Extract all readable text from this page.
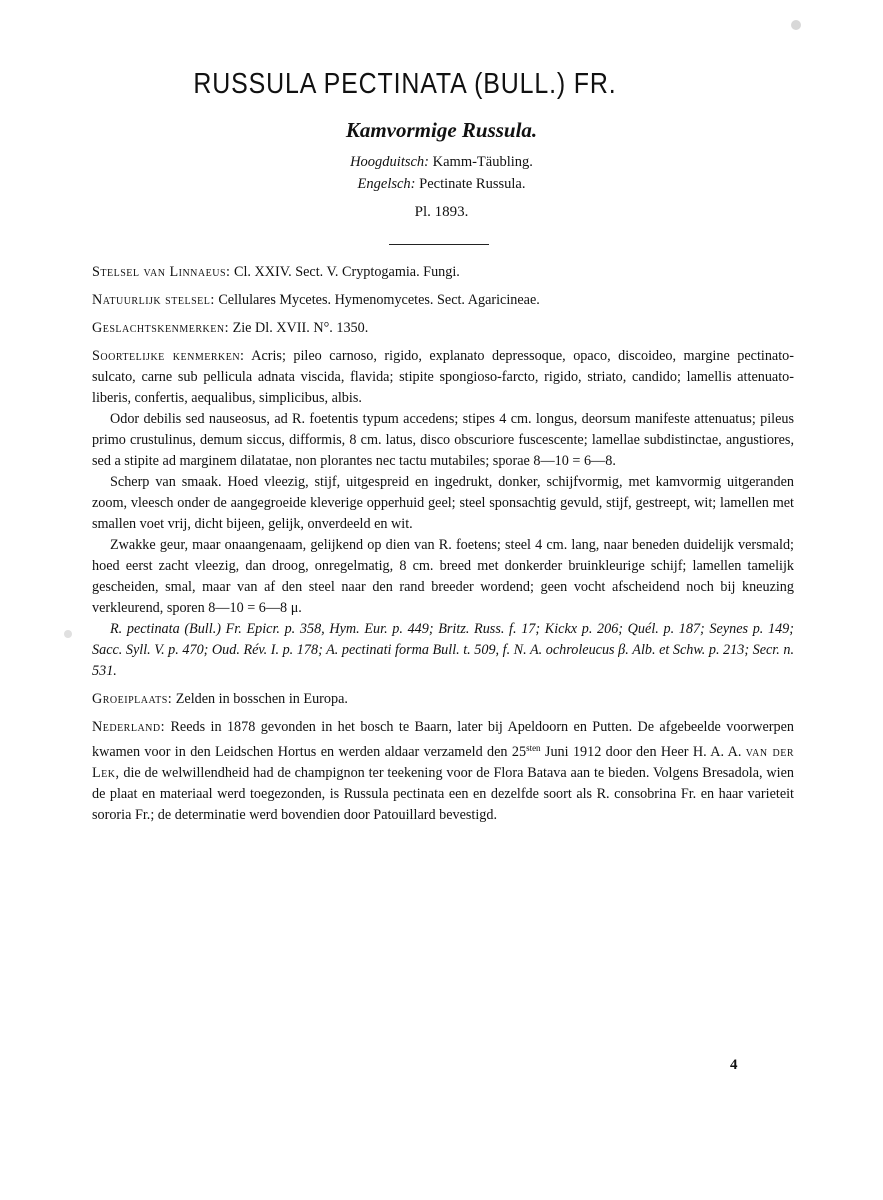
RUSSULA PECTINATA (BULL.) FR.
Kamvormige Russula.
Hoogduitsch: Kamm-Täubling.
Engelsch: Pectinate Russula.
Pl. 1893.

Stelsel van Linnaeus: Cl. XXIV. Sect. V. Cryptogamia. Fungi.

Natuurlijk stelsel: Cellulares Mycetes. Hymenomycetes. Sect. Agaricineae.

Geslachtskenmerken: Zie Dl. XVII. N°. 1350.

Soortelijke kenmerken: Acris; pileo carnoso, rigido, explanato depressoque, opaco, discoideo, margine pectinato-sulcato, carne sub pellicula adnata viscida, flavida; stipite spongioso-farcto, rigido, striato, candido; lamellis attenuato-liberis, confertis, aequalibus, simplicibus, albis.

Odor debilis sed nauseosus, ad R. foetentis typum accedens; stipes 4 cm. longus, deorsum manifeste attenuatus; pileus primo crustulinus, demum siccus, difformis, 8 cm. latus, disco obscuriore fuscescente; lamellae subdistinctae, angustiores, sed a stipite ad marginem dilatatae, non plorantes nec tactu mutabiles; sporae 8—10 = 6—8.

Scherp van smaak. Hoed vleezig, stijf, uitgespreid en ingedrukt, donker, schijfvormig, met kamvormig uitgeranden zoom, vleesch onder de aangegroeide kleverige opperhuid geel; steel sponsachtig gevuld, stijf, gestreept, wit; lamellen met smallen voet vrij, dicht bijeen, gelijk, onverdeeld en wit.

Zwakke geur, maar onaangenaam, gelijkend op dien van R. foetens; steel 4 cm. lang, naar beneden duidelijk versmald; hoed eerst zacht vleezig, dan droog, onregelmatig, 8 cm. breed met donkerder bruinkleurige schijf; lamellen tamelijk gescheiden, smal, maar van af den steel naar den rand breeder wordend; geen vocht afscheidend noch bij kneuzing verkleurend, sporen 8—10 = 6—8 μ.

R. pectinata (Bull.) Fr. Epicr. p. 358, Hym. Eur. p. 449; Britz. Russ. f. 17; Kickx p. 206; Quél. p. 187; Seynes p. 149; Sacc. Syll. V. p. 470; Oud. Rév. I. p. 178; A. pectinati forma Bull. t. 509, f. N. A. ochroleucus β. Alb. et Schw. p. 213; Secr. n. 531.

Groeiplaats: Zelden in bosschen in Europa.

Nederland: Reeds in 1878 gevonden in het bosch te Baarn, later bij Apeldoorn en Putten. De afgebeelde voorwerpen kwamen voor in den Leidschen Hortus en werden aldaar verzameld den $25^{sten}$ Juni 1912 door den Heer H. A. A. van der Lek, die de welwillendheid had de champignon ter teekening voor de Flora Batava aan te bieden. Volgens Bresadola, wien de plaat en materiaal werd toegezonden, is Russula pectinata een en dezelfde soort als R. consobrina Fr. en haar varieteit sororia Fr.; de determinatie werd bovendien door Patouillard bevestigd.

4
